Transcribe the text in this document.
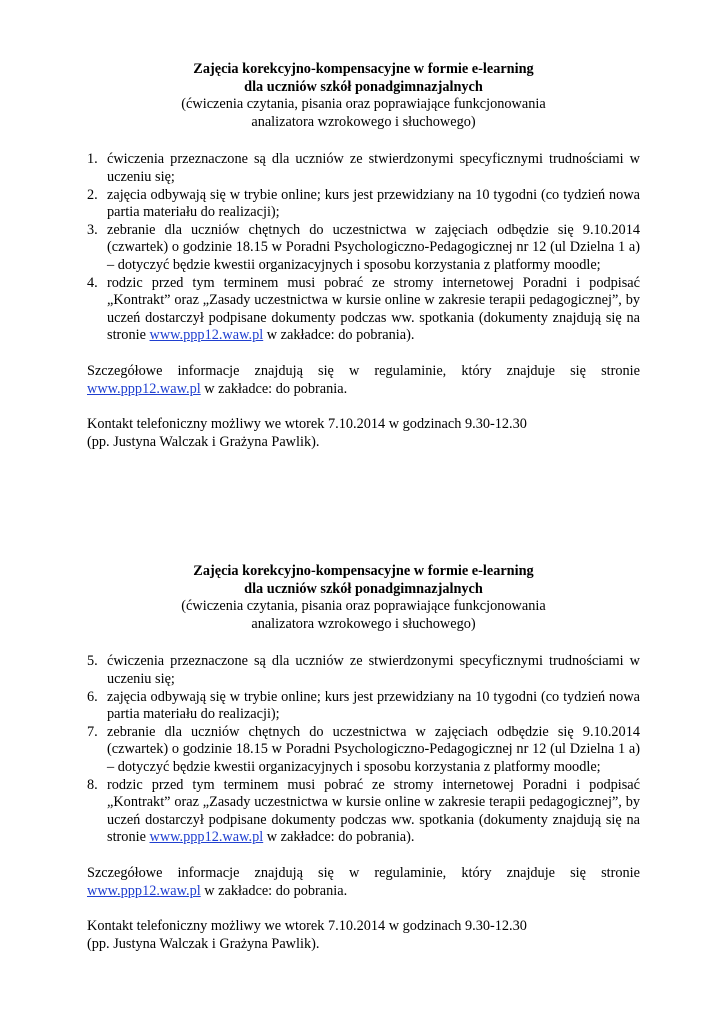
Zajęcia korekcyjno-kompensacyjne w formie e-learning
dla uczniów szkół ponadgimnazjalnych
(ćwiczenia czytania, pisania oraz poprawiające funkcjonowania
analizatora wzrokowego i słuchowego)
1. ćwiczenia przeznaczone są dla uczniów ze stwierdzonymi specyficznymi trudnościami w uczeniu się;
2. zajęcia odbywają się w trybie online; kurs jest przewidziany na 10 tygodni (co tydzień nowa partia materiału do realizacji);
3. zebranie dla uczniów chętnych do uczestnictwa w zajęciach odbędzie się 9.10.2014 (czwartek) o godzinie 18.15 w Poradni Psychologiczno-Pedagogicznej nr 12 (ul Dzielna 1 a) – dotyczyć będzie kwestii organizacyjnych i sposobu korzystania z platformy moodle;
4. rodzic przed tym terminem musi pobrać ze stromy internetowej Poradni i podpisać „Kontrakt” oraz „Zasady uczestnictwa w kursie online w zakresie terapii pedagogicznej”, by uczeń dostarczył podpisane dokumenty podczas ww. spotkania (dokumenty znajdują się na stronie www.ppp12.waw.pl w zakładce: do pobrania).

Szczegółowe informacje znajdują się w regulaminie, który znajduje się stronie www.ppp12.waw.pl w zakładce: do pobrania.

Kontakt telefoniczny możliwy we wtorek 7.10.2014 w godzinach 9.30-12.30
(pp. Justyna Walczak i Grażyna Pawlik).

Zajęcia korekcyjno-kompensacyjne w formie e-learning
dla uczniów szkół ponadgimnazjalnych
(ćwiczenia czytania, pisania oraz poprawiające funkcjonowania
analizatora wzrokowego i słuchowego)
5. ćwiczenia przeznaczone są dla uczniów ze stwierdzonymi specyficznymi trudnościami w uczeniu się;
6. zajęcia odbywają się w trybie online; kurs jest przewidziany na 10 tygodni (co tydzień nowa partia materiału do realizacji);
7. zebranie dla uczniów chętnych do uczestnictwa w zajęciach odbędzie się 9.10.2014 (czwartek) o godzinie 18.15 w Poradni Psychologiczno-Pedagogicznej nr 12 (ul Dzielna 1 a) – dotyczyć będzie kwestii organizacyjnych i sposobu korzystania z platformy moodle;
8. rodzic przed tym terminem musi pobrać ze stromy internetowej Poradni i podpisać „Kontrakt” oraz „Zasady uczestnictwa w kursie online w zakresie terapii pedagogicznej”, by uczeń dostarczył podpisane dokumenty podczas ww. spotkania (dokumenty znajdują się na stronie www.ppp12.waw.pl w zakładce: do pobrania).

Szczegółowe informacje znajdują się w regulaminie, który znajduje się stronie www.ppp12.waw.pl w zakładce: do pobrania.

Kontakt telefoniczny możliwy we wtorek 7.10.2014 w godzinach 9.30-12.30
(pp. Justyna Walczak i Grażyna Pawlik).
